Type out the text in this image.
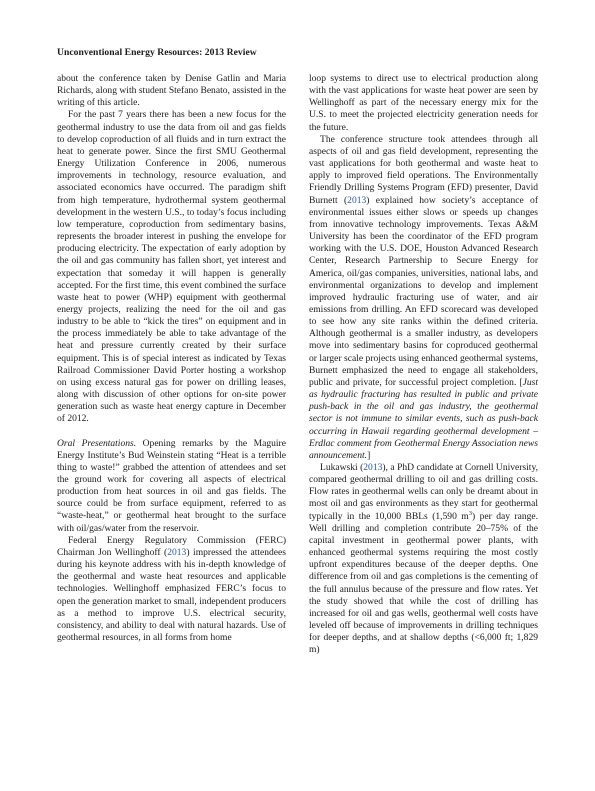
Unconventional Energy Resources: 2013 Review

about the conference taken by Denise Gatlin and Maria Richards, along with student Stefano Benato, assisted in the writing of this article.

For the past 7 years there has been a new focus for the geothermal industry to use the data from oil and gas fields to develop coproduction of all fluids and in turn extract the heat to generate power. Since the first SMU Geothermal Energy Utilization Conference in 2006, numerous improvements in technology, resource evaluation, and associated economics have occurred. The paradigm shift from high temperature, hydrothermal system geothermal development in the western U.S., to today’s focus including low temperature, coproduction from sedimentary basins, represents the broader interest in pushing the envelope for producing electricity. The expectation of early adoption by the oil and gas community has fallen short, yet interest and expectation that someday it will happen is generally accepted. For the first time, this event combined the surface waste heat to power (WHP) equipment with geothermal energy projects, realizing the need for the oil and gas industry to be able to “kick the tires” on equipment and in the process immediately be able to take advantage of the heat and pressure currently created by their surface equipment. This is of special interest as indicated by Texas Railroad Commissioner David Porter hosting a workshop on using excess natural gas for power on drilling leases, along with discussion of other options for on-site power generation such as waste heat energy capture in December of 2012.

Oral Presentations. Opening remarks by the Maguire Energy Institute’s Bud Weinstein stating “Heat is a terrible thing to waste!” grabbed the attention of attendees and set the ground work for covering all aspects of electrical production from heat sources in oil and gas fields. The source could be from surface equipment, referred to as “waste-heat,” or geothermal heat brought to the surface with oil/gas/water from the reservoir.

Federal Energy Regulatory Commission (FERC) Chairman Jon Wellinghoff (2013) impressed the attendees during his keynote address with his in-depth knowledge of the geothermal and waste heat resources and applicable technologies. Wellinghoff emphasized FERC’s focus to open the generation market to small, independent producers as a method to improve U.S. electrical security, consistency, and ability to deal with natural hazards. Use of geothermal resources, in all forms from home

loop systems to direct use to electrical production along with the vast applications for waste heat power are seen by Wellinghoff as part of the necessary energy mix for the U.S. to meet the projected electricity generation needs for the future.

The conference structure took attendees through all aspects of oil and gas field development, representing the vast applications for both geothermal and waste heat to apply to improved field operations. The Environmentally Friendly Drilling Systems Program (EFD) presenter, David Burnett (2013) explained how society’s acceptance of environmental issues either slows or speeds up changes from innovative technology improvements. Texas A&M University has been the coordinator of the EFD program working with the U.S. DOE, Houston Advanced Research Center, Research Partnership to Secure Energy for America, oil/gas companies, universities, national labs, and environmental organizations to develop and implement improved hydraulic fracturing use of water, and air emissions from drilling. An EFD scorecard was developed to see how any site ranks within the defined criteria. Although geothermal is a smaller industry, as developers move into sedimentary basins for coproduced geothermal or larger scale projects using enhanced geothermal systems, Burnett emphasized the need to engage all stakeholders, public and private, for successful project completion. [Just as hydraulic fracturing has resulted in public and private push-back in the oil and gas industry, the geothermal sector is not immune to similar events, such as push-back occurring in Hawaii regarding geothermal development – Erdlac comment from Geothermal Energy Association news announcement.]

Lukawski (2013), a PhD candidate at Cornell University, compared geothermal drilling to oil and gas drilling costs. Flow rates in geothermal wells can only be dreamt about in most oil and gas environments as they start for geothermal typically in the 10,000 BBLs (1,590 $m^3$) per day range. Well drilling and completion contribute 20–75% of the capital investment in geothermal power plants, with enhanced geothermal systems requiring the most costly upfront expenditures because of the deeper depths. One difference from oil and gas completions is the cementing of the full annulus because of the pressure and flow rates. Yet the study showed that while the cost of drilling has increased for oil and gas wells, geothermal well costs have leveled off because of improvements in drilling techniques for deeper depths, and at shallow depths (<6,000 ft; 1,829 m)
